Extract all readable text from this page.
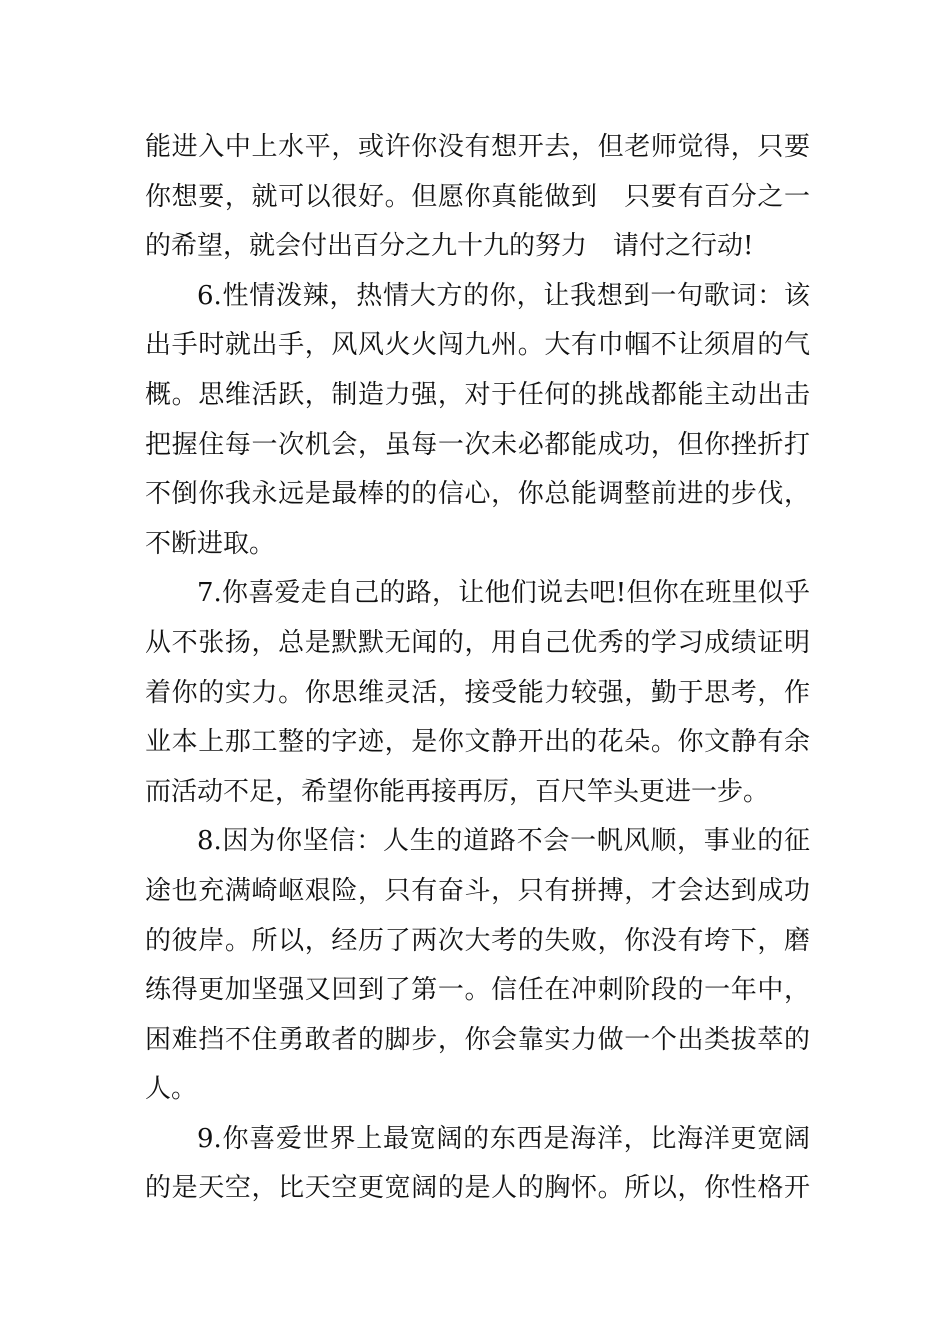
能进入中上水平，或许你没有想开去，但老师觉得，只要
你想要，就可以很好。但愿你真能做到　只要有百分之一
的希望，就会付出百分之九十九的努力　请付之行动!
6.性情泼辣，热情大方的你，让我想到一句歌词：该
出手时就出手，风风火火闯九州。大有巾帼不让须眉的气
概。思维活跃，制造力强，对于任何的挑战都能主动出击
把握住每一次机会，虽每一次未必都能成功，但你挫折打
不倒你我永远是最棒的的信心，你总能调整前进的步伐，
不断进取。
7.你喜爱走自己的路，让他们说去吧!但你在班里似乎
从不张扬，总是默默无闻的，用自己优秀的学习成绩证明
着你的实力。你思维灵活，接受能力较强，勤于思考，作
业本上那工整的字迹，是你文静开出的花朵。你文静有余
而活动不足，希望你能再接再厉，百尺竿头更进一步。
8.因为你坚信：人生的道路不会一帆风顺，事业的征
途也充满崎岖艰险，只有奋斗，只有拼搏，才会达到成功
的彼岸。所以，经历了两次大考的失败，你没有垮下，磨
练得更加坚强又回到了第一。信任在冲刺阶段的一年中，
困难挡不住勇敢者的脚步，你会靠实力做一个出类拔萃的
人。
9.你喜爱世界上最宽阔的东西是海洋，比海洋更宽阔
的是天空，比天空更宽阔的是人的胸怀。所以，你性格开
